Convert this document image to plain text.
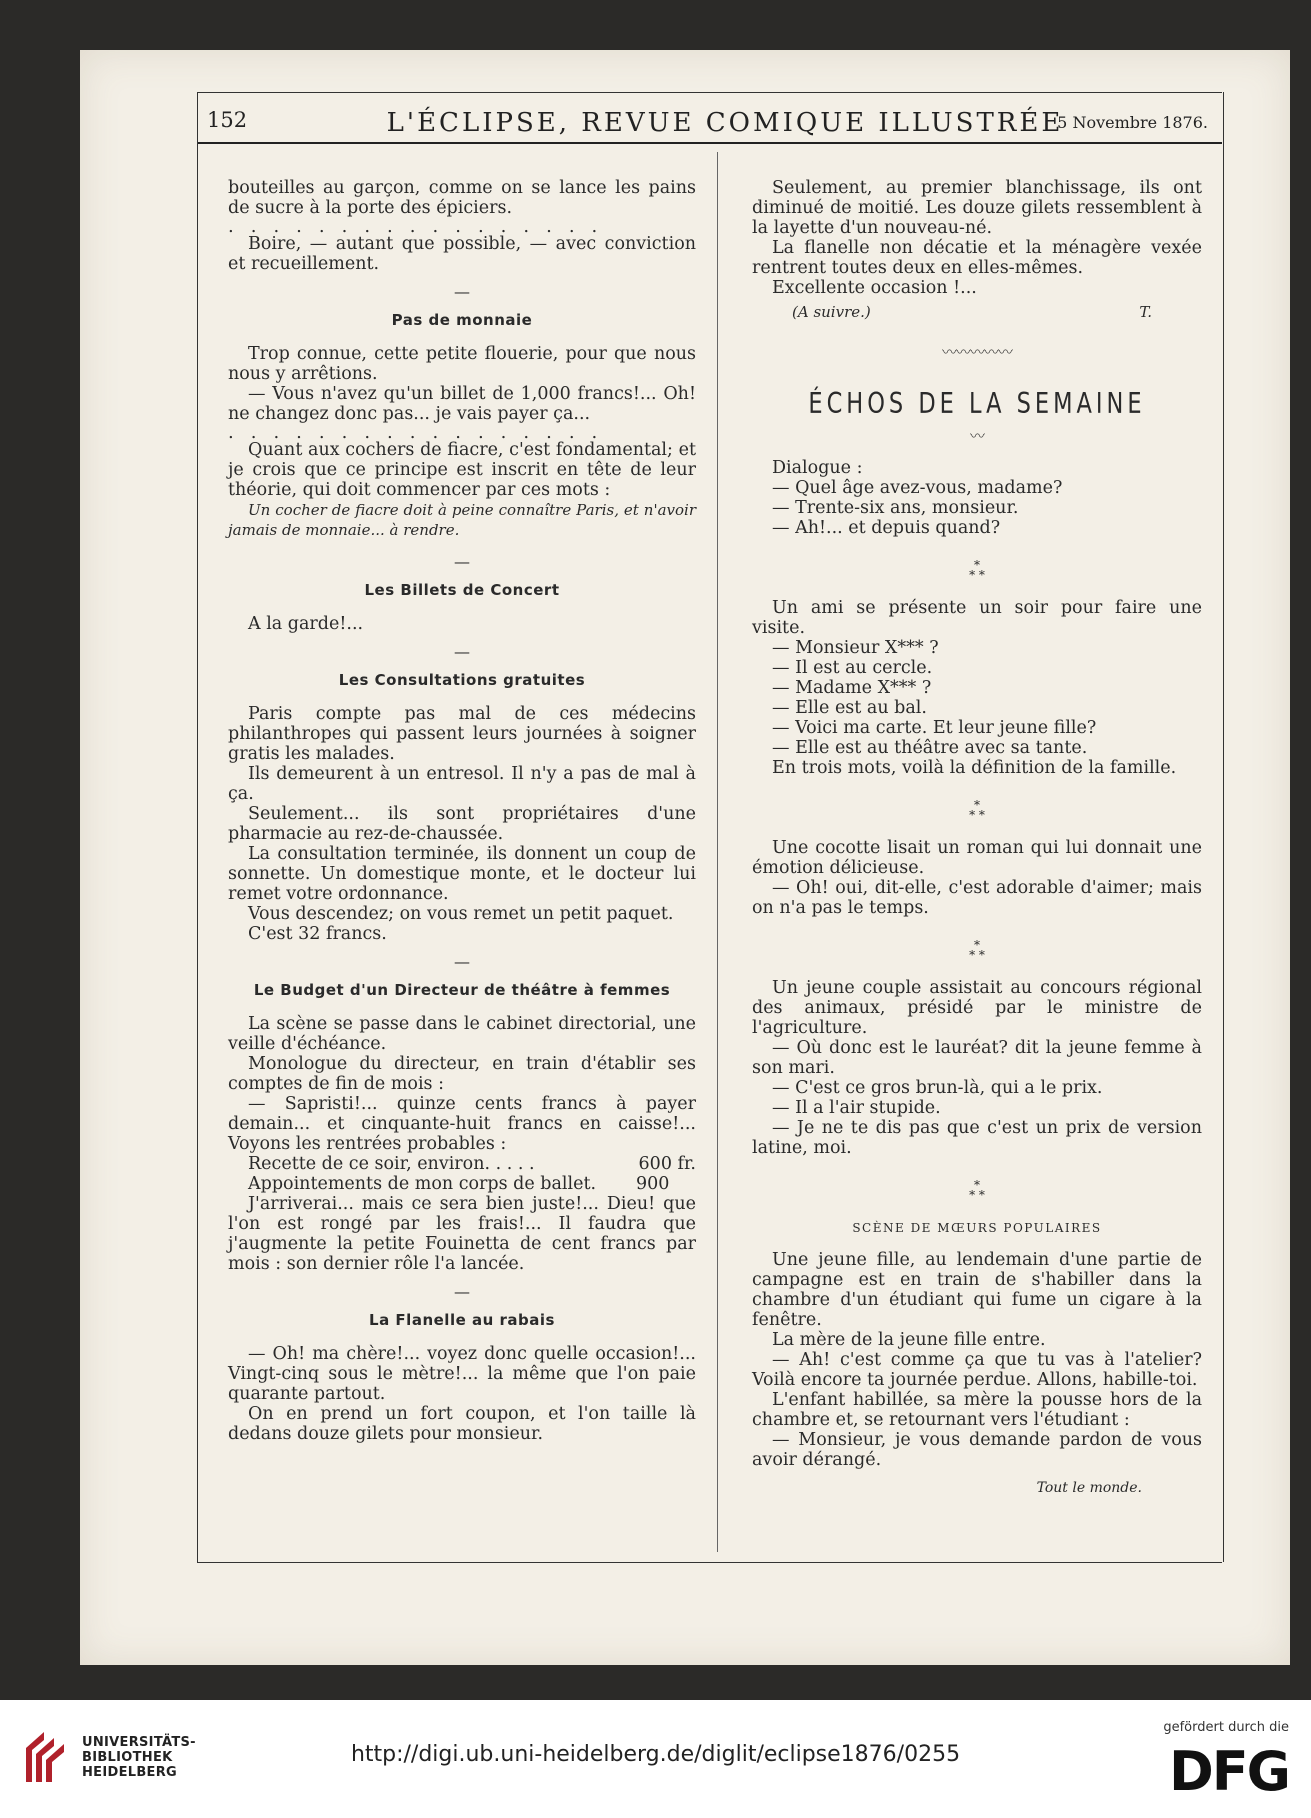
152	L'ÉCLIPSE, REVUE COMIQUE ILLUSTRÉE
5 Novembre 1876.

bouteilles au garçon, comme on se lance les pains de sucre à la porte des épiciers.

.................

Boire, — autant que possible, — avec conviction et recueillement.

—
Pas de monnaie

Trop connue, cette petite flouerie, pour que nous nous y arrêtions.

— Vous n'avez qu'un billet de 1,000 francs!... Oh! ne changez donc pas... je vais payer ça...

.................

Quant aux cochers de fiacre, c'est fondamental; et je crois que ce principe est inscrit en tête de leur théorie, qui doit commencer par ces mots :

Un cocher de fiacre doit à peine connaître Paris, et n'avoir jamais de monnaie... à rendre.

—
Les Billets de Concert

A la garde!...

—
Les Consultations gratuites

Paris compte pas mal de ces médecins philanthropes qui passent leurs journées à soigner gratis les malades.

Ils demeurent à un entresol. Il n'y a pas de mal à ça.

Seulement... ils sont propriétaires d'une pharmacie au rez-de-chaussée.

La consultation terminée, ils donnent un coup de sonnette. Un domestique monte, et le docteur lui remet votre ordonnance.

Vous descendez; on vous remet un petit paquet.

C'est 32 francs.

—
Le Budget d'un Directeur de théâtre à femmes

La scène se passe dans le cabinet directorial, une veille d'échéance.

Monologue du directeur, en train d'établir ses comptes de fin de mois :

— Sapristi!... quinze cents francs à payer demain... et cinquante-huit francs en caisse!... Voyons les rentrées probables :

Recette de ce soir, environ. . . . .	600 fr.
Appointements de mon corps de ballet.	900

J'arriverai... mais ce sera bien juste!... Dieu! que l'on est rongé par les frais!... Il faudra que j'augmente la petite Fouinetta de cent francs par mois : son dernier rôle l'a lancée.

—
La Flanelle au rabais

— Oh! ma chère!... voyez donc quelle occasion!... Vingt-cinq sous le mètre!... la même que l'on paie quarante partout.

On en prend un fort coupon, et l'on taille là dedans douze gilets pour monsieur.

Seulement, au premier blanchissage, ils ont diminué de moitié. Les douze gilets ressemblent à la layette d'un nouveau-né.

La flanelle non décatie et la ménagère vexée rentrent toutes deux en elles-mêmes.

Excellente occasion !...

(A suivre.)	T.
〰〰〰〰〰
ÉCHOS DE LA SEMAINE
〰

Dialogue :

— Quel âge avez-vous, madame?

— Trente-six ans, monsieur.

— Ah!... et depuis quand?

*
* *

Un ami se présente un soir pour faire une visite.

— Monsieur X*** ?

— Il est au cercle.

— Madame X*** ?

— Elle est au bal.

— Voici ma carte. Et leur jeune fille?

— Elle est au théâtre avec sa tante.

En trois mots, voilà la définition de la famille.

*
* *

Une cocotte lisait un roman qui lui donnait une émotion délicieuse.

— Oh! oui, dit-elle, c'est adorable d'aimer; mais on n'a pas le temps.

*
* *

Un jeune couple assistait au concours régional des animaux, présidé par le ministre de l'agriculture.

— Où donc est le lauréat? dit la jeune femme à son mari.

— C'est ce gros brun-là, qui a le prix.

— Il a l'air stupide.

— Je ne te dis pas que c'est un prix de version latine, moi.

*
* *
SCÈNE DE MŒURS POPULAIRES

Une jeune fille, au lendemain d'une partie de campagne est en train de s'habiller dans la chambre d'un étudiant qui fume un cigare à la fenêtre.

La mère de la jeune fille entre.

— Ah! c'est comme ça que tu vas à l'atelier? Voilà encore ta journée perdue. Allons, habille-toi.

L'enfant habillée, sa mère la pousse hors de la chambre et, se retournant vers l'étudiant :

— Monsieur, je vous demande pardon de vous avoir dérangé.

Tout le monde.
UNIVERSITÄTS-
BIBLIOTHEK
HEIDELBERG
http://digi.ub.uni-heidelberg.de/diglit/eclipse1876/0255
gefördert durch die
DFG
